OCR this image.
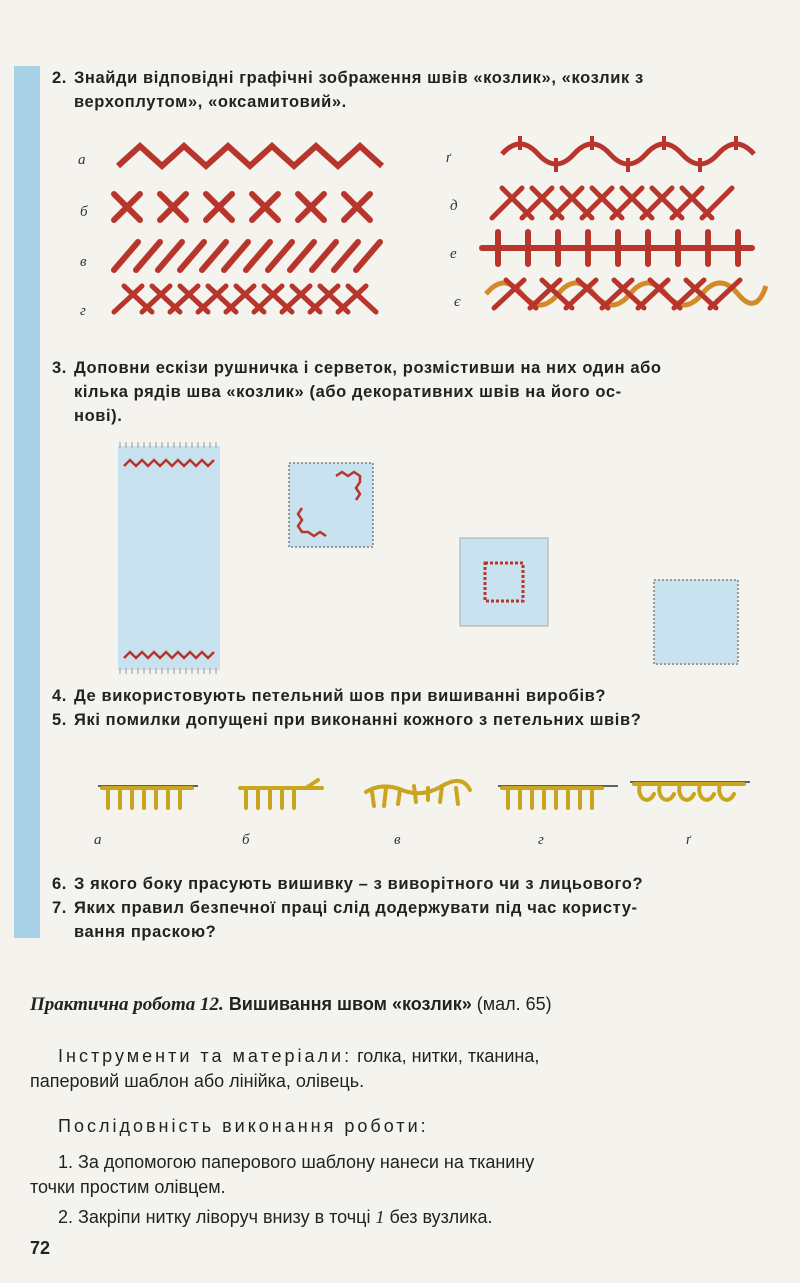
2. Знайди відповідні графічні зображення швів «козлик», «козлик з
верхоплутом», «оксамитовий».
а
б
в
г
ґ
д
е
є
3. Доповни ескізи рушничка і серветок, розмістивши на них один або
кілька рядів шва «козлик» (або декоративних швів на його ос-
нові).
4. Де використовують петельний шов при вишиванні виробів?
5. Які помилки допущені при виконанні кожного з петельних швів?
а	б	в	г	ґ
6. З якого боку прасують вишивку – з виворітного чи з лицьового?
7. Яких правил безпечної праці слід додержувати під час користу-
вання праскою?
Практична робота 12. Вишивання швом «козлик» (мал. 65)
Інструменти та матеріали: голка, нитки, тканина,
паперовий шаблон або лінійка, олівець.
Послідовність виконання роботи:
1. За допомогою паперового шаблону нанеси на тканину
точки простим олівцем.
2. Закріпи нитку ліворуч внизу в точці 1 без вузлика.
72
